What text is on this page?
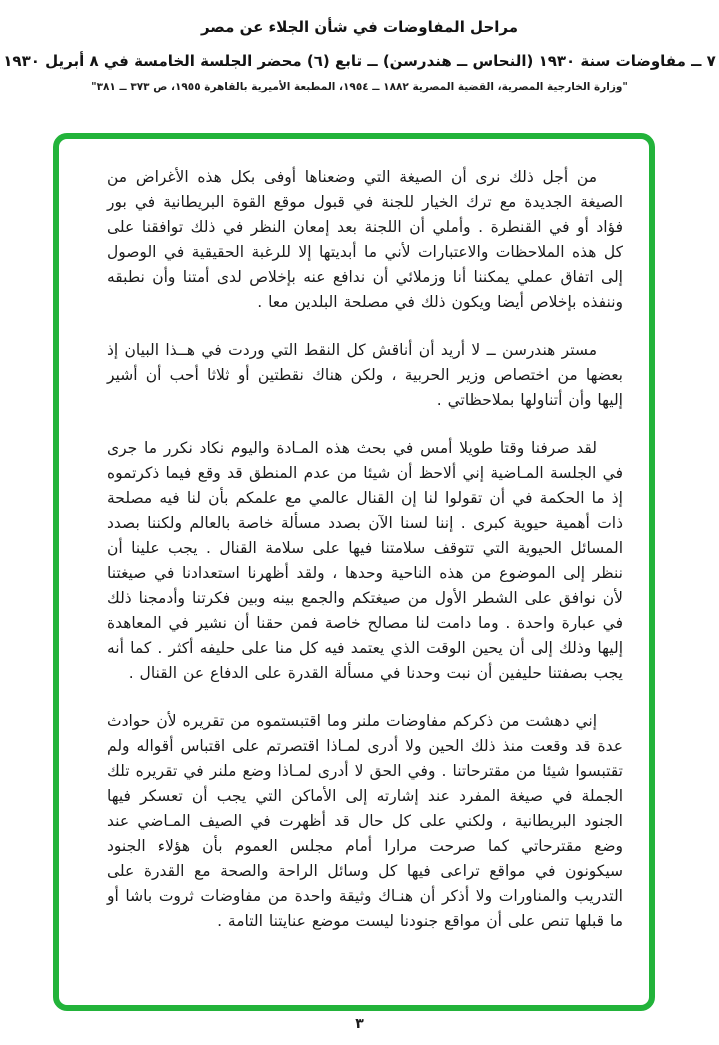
مراحل المفاوضات في شأن الجلاء عن مصر
٧ ــ مفاوضات سنة ١٩٣٠ (النحاس ــ هندرسن) ــ تابع (٦) محضر الجلسة الخامسة في ٨ أبريل ١٩٣٠
"وزارة الخارجية المصرية، القضية المصرية ١٨٨٢ ــ ١٩٥٤، المطبعة الأميرية بالقاهرة ١٩٥٥، ص ٣٧٣ ــ ٣٨١"

من أجل ذلك نرى أن الصيغة التي وضعناها أوفى بكل هذه الأغراض من الصيغة الجديدة مع ترك الخيار للجنة في قبول موقع القوة البريطانية في بور فؤاد أو في القنطرة . وأملي أن اللجنة بعد إمعان النظر في ذلك توافقنا على كل هذه الملاحظات والاعتبارات لأني ما أبديتها إلا للرغبة الحقيقية في الوصول إلى اتفاق عملي يمكننا أنا وزملائي أن ندافع عنه بإخلاص لدى أمتنا وأن نطبقه وننفذه بإخلاص أيضا ويكون ذلك في مصلحة البلدين معا .

مستر هندرسن ــ لا أريد أن أناقش كل النقط التي وردت في هــذا البيان إذ بعضها من اختصاص وزير الحربية ، ولكن هناك نقطتين أو ثلاثا أحب أن أشير إليها وأن أتناولها بملاحظاتي .

لقد صرفنا وقتا طويلا أمس في بحث هذه المـادة واليوم نكاد نكرر ما جرى في الجلسة المـاضية إني ألاحظ أن شيئا من عدم المنطق قد وقع فيما ذكرتموه إذ ما الحكمة في أن تقولوا لنا إن القنال عالمي مع علمكم بأن لنا فيه مصلحة ذات أهمية حيوية كبرى . إننا لسنا الآن بصدد مسألة خاصة بالعالم ولكننا بصدد المسائل الحيوية التي تتوقف سلامتنا فيها على سلامة القنال . يجب علينا أن ننظر إلى الموضوع من هذه الناحية وحدها ، ولقد أظهرنا استعدادنا في صيغتنا لأن نوافق على الشطر الأول من صيغتكم والجمع بينه وبين فكرتنا وأدمجنا ذلك في عبارة واحدة . وما دامت لنا مصالح خاصة فمن حقنا أن نشير في المعاهدة إليها وذلك إلى أن يحين الوقت الذي يعتمد فيه كل منا على حليفه أكثر . كما أنه يجب بصفتنا حليفين أن نبت وحدنا في مسألة القدرة على الدفاع عن القنال .

إني دهشت من ذكركم مفاوضات ملنر وما اقتبستموه من تقريره لأن حوادث عدة قد وقعت منذ ذلك الحين ولا أدرى لمـاذا اقتصرتم على اقتباس أقواله ولم تقتبسوا شيئا من مقترحاتنا . وفي الحق لا أدرى لمـاذا وضع ملنر في تقريره تلك الجملة في صيغة المفرد عند إشارته إلى الأماكن التي يجب أن تعسكر فيها الجنود البريطانية ، ولكني على كل حال قد أظهرت في الصيف المـاضي عند وضع مقترحاتي كما صرحت مرارا أمام مجلس العموم بأن هؤلاء الجنود سيكونون في مواقع تراعى فيها كل وسائل الراحة والصحة مع القدرة على التدريب والمناورات ولا أذكر أن هنـاك وثيقة واحدة من مفاوضات ثروت باشا أو ما قبلها تنص على أن مواقع جنودنا ليست موضع عنايتنا التامة .

٣
